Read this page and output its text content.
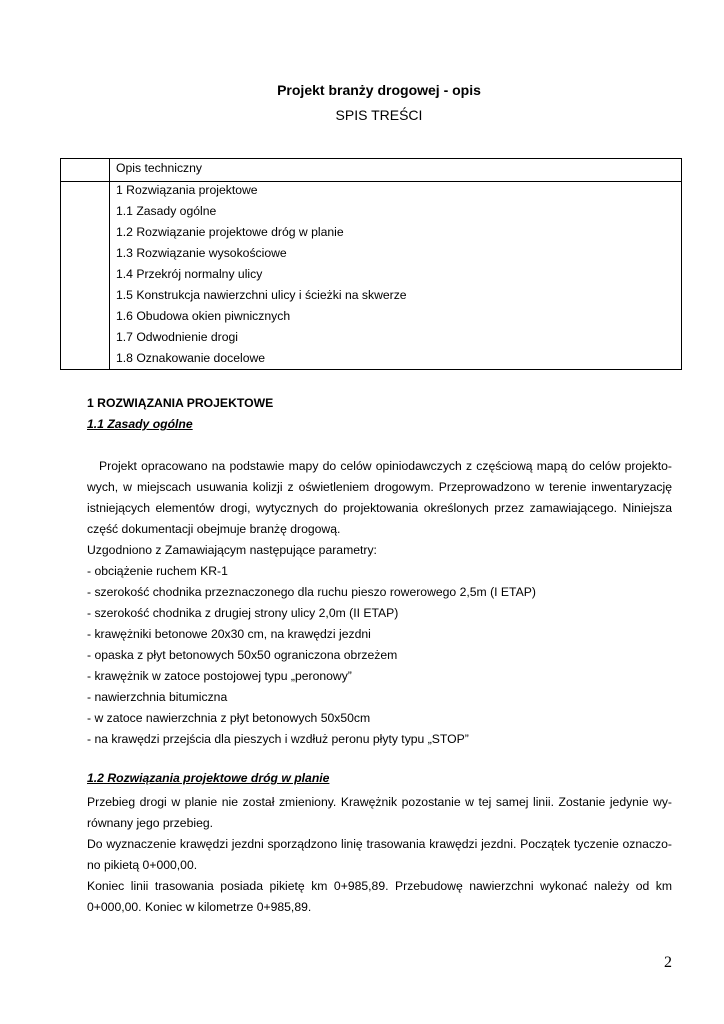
Projekt branży drogowej - opis
SPIS TREŚCI
Opis techniczny
1 Rozwiązania projektowe
1.1 Zasady ogólne
1.2 Rozwiązanie projektowe dróg w planie
1.3 Rozwiązanie wysokościowe
1.4 Przekrój normalny ulicy
1.5 Konstrukcja nawierzchni ulicy i ścieżki na skwerze
1.6 Obudowa okien piwnicznych
1.7 Odwodnienie drogi
1.8 Oznakowanie docelowe
1 ROZWIĄZANIA PROJEKTOWE
1.1 Zasady ogólne
Projekt opracowano na podstawie mapy do celów opiniodawczych z częściową mapą do celów projekto-
wych, w miejscach usuwania kolizji z oświetleniem drogowym. Przeprowadzono w terenie inwentaryzację
istniejących elementów drogi, wytycznych do projektowania określonych przez zamawiającego. Niniejsza
część dokumentacji obejmuje branżę drogową.
Uzgodniono z Zamawiającym następujące parametry:
- obciążenie ruchem KR-1
- szerokość chodnika przeznaczonego dla ruchu pieszo rowerowego 2,5m (I ETAP)
- szerokość chodnika z drugiej strony ulicy 2,0m (II ETAP)
- krawężniki betonowe 20x30 cm, na krawędzi jezdni
- opaska z płyt betonowych 50x50 ograniczona obrzeżem
- krawężnik w zatoce postojowej typu „peronowy”
- nawierzchnia bitumiczna
- w zatoce nawierzchnia z płyt betonowych 50x50cm
- na krawędzi przejścia dla pieszych i wzdłuż peronu płyty typu „STOP”
1.2 Rozwiązania projektowe dróg w planie
Przebieg drogi w planie nie został zmieniony. Krawężnik pozostanie w tej samej linii. Zostanie jedynie wy-
równany jego przebieg.
Do wyznaczenie krawędzi jezdni sporządzono linię trasowania krawędzi jezdni. Początek tyczenie oznaczo-
no pikietą 0+000,00.
Koniec linii trasowania posiada pikietę km 0+985,89. Przebudowę nawierzchni wykonać należy od km
0+000,00. Koniec w kilometrze 0+985,89.
2
